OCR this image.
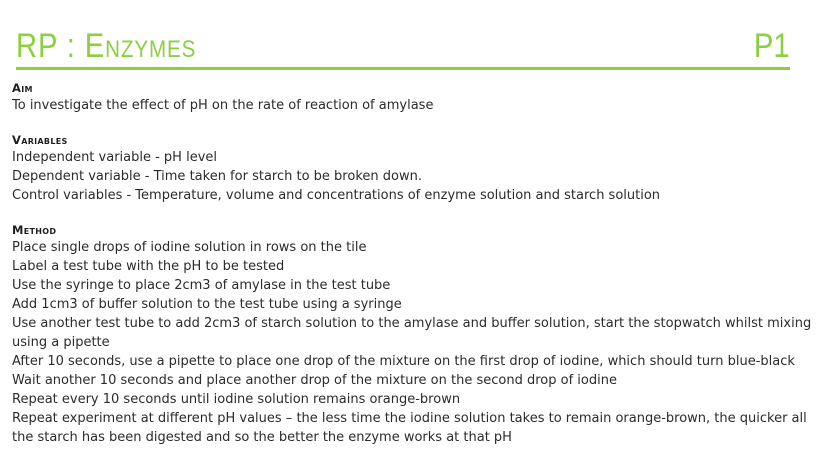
RP : Enzymes	P1
Aim
To investigate the effect of pH on the rate of reaction of amylase
Variables
Independent variable - pH level
Dependent variable - Time taken for starch to be broken down.
Control variables - Temperature, volume and concentrations of enzyme solution and starch solution
Method
Place single drops of iodine solution in rows on the tile
Label a test tube with the pH to be tested
Use the syringe to place 2cm3 of amylase in the test tube
Add 1cm3 of buffer solution to the test tube using a syringe
Use another test tube to add 2cm3 of starch solution to the amylase and buffer solution, start the stopwatch whilst mixing using a pipette
After 10 seconds, use a pipette to place one drop of the mixture on the first drop of iodine, which should turn blue-black
Wait another 10 seconds and place another drop of the mixture on the second drop of iodine
Repeat every 10 seconds until iodine solution remains orange-brown
Repeat experiment at different pH values – the less time the iodine solution takes to remain orange-brown, the quicker all the starch has been digested and so the better the enzyme works at that pH
